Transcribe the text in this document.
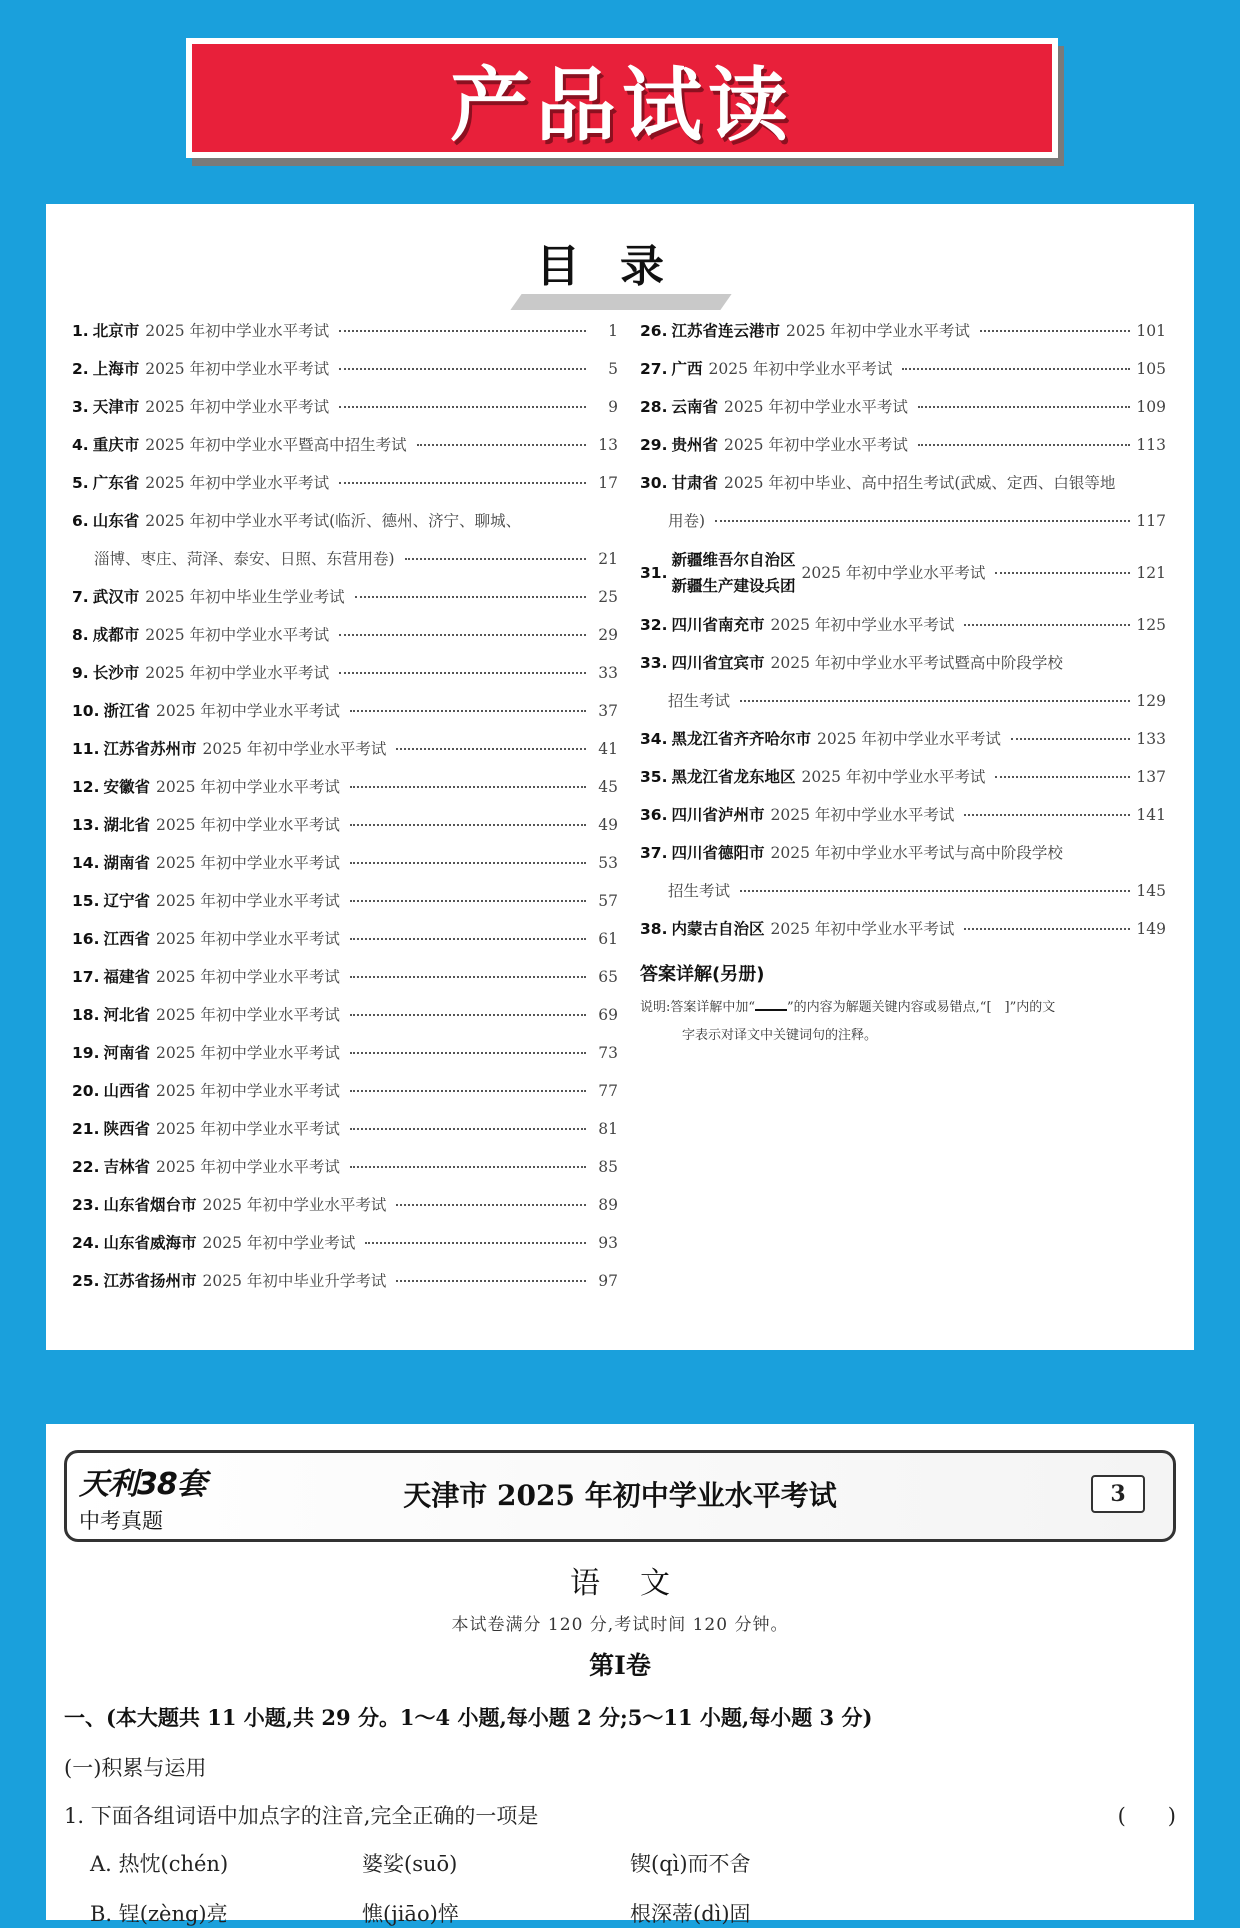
产品试读
目录
1. 北京市 2025 年初中学业水平考试	1
2. 上海市 2025 年初中学业水平考试	5
3. 天津市 2025 年初中学业水平考试	9
4. 重庆市 2025 年初中学业水平暨高中招生考试	13
5. 广东省 2025 年初中学业水平考试	17
6. 山东省 2025 年初中学业水平考试(临沂、德州、济宁、聊城、
淄博、枣庄、菏泽、泰安、日照、东营用卷)	21
7. 武汉市 2025 年初中毕业生学业考试	25
8. 成都市 2025 年初中学业水平考试	29
9. 长沙市 2025 年初中学业水平考试	33
10. 浙江省 2025 年初中学业水平考试	37
11. 江苏省苏州市 2025 年初中学业水平考试	41
12. 安徽省 2025 年初中学业水平考试	45
13. 湖北省 2025 年初中学业水平考试	49
14. 湖南省 2025 年初中学业水平考试	53
15. 辽宁省 2025 年初中学业水平考试	57
16. 江西省 2025 年初中学业水平考试	61
17. 福建省 2025 年初中学业水平考试	65
18. 河北省 2025 年初中学业水平考试	69
19. 河南省 2025 年初中学业水平考试	73
20. 山西省 2025 年初中学业水平考试	77
21. 陕西省 2025 年初中学业水平考试	81
22. 吉林省 2025 年初中学业水平考试	85
23. 山东省烟台市 2025 年初中学业水平考试	89
24. 山东省威海市 2025 年初中学业考试	93
25. 江苏省扬州市 2025 年初中毕业升学考试	97
26. 江苏省连云港市 2025 年初中学业水平考试	101
27. 广西 2025 年初中学业水平考试	105
28. 云南省 2025 年初中学业水平考试	109
29. 贵州省 2025 年初中学业水平考试	113
30. 甘肃省 2025 年初中毕业、高中招生考试(武威、定西、白银等地
用卷)	117
31.
新疆维吾尔自治区
新疆生产建设兵团
2025 年初中学业水平考试	121
32. 四川省南充市 2025 年初中学业水平考试	125
33. 四川省宜宾市 2025 年初中学业水平考试暨高中阶段学校
招生考试	129
34. 黑龙江省齐齐哈尔市 2025 年初中学业水平考试	133
35. 黑龙江省龙东地区 2025 年初中学业水平考试	137
36. 四川省泸州市 2025 年初中学业水平考试	141
37. 四川省德阳市 2025 年初中学业水平考试与高中阶段学校
招生考试	145
38. 内蒙古自治区 2025 年初中学业水平考试	149
答案详解(另册)
说明:答案详解中加“ ”的内容为解题关键内容或易错点,“[　]”内的文
字表示对译文中关键词句的注释。
天津市 2025 年初中学业水平考试
天利38套
中考真题
3
语文
本试卷满分 120 分,考试时间 120 分钟。
第Ⅰ卷
一、(本大题共 11 小题,共 29 分。1～4 小题,每小题 2 分;5～11 小题,每小题 3 分)
(一)积累与运用
1. 下面各组词语中加点字的注音,完全正确的一项是	(　　)
A. 热忱(chén)	婆娑(suō)	锲(qì)而不舍
B. 锃(zèng)亮	憔(jiāo)悴	根深蒂(dì)固
